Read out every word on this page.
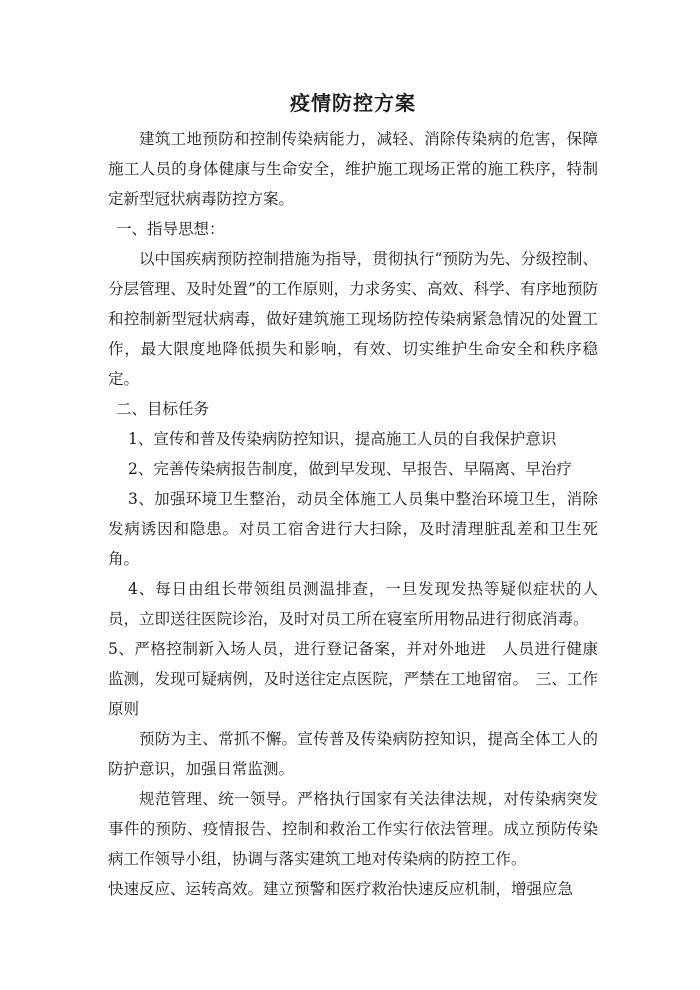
疫情防控方案

建筑工地预防和控制传染病能力，减轻、消除传染病的危害，保障施工人员的身体健康与生命安全，维护施工现场正常的施工秩序，特制定新型冠状病毒防控方案。

一、指导思想：

以中国疾病预防控制措施为指导，贯彻执行“预防为先、分级控制、分层管理、及时处置”的工作原则，力求务实、高效、科学、有序地预防和控制新型冠状病毒，做好建筑施工现场防控传染病紧急情况的处置工作，最大限度地降低损失和影响，有效、切实维护生命安全和秩序稳定。

二、目标任务

1、宣传和普及传染病防控知识，提高施工人员的自我保护意识

2、完善传染病报告制度，做到早发现、早报告、早隔离、早治疗

3、加强环境卫生整治，动员全体施工人员集中整治环境卫生，消除发病诱因和隐患。对员工宿舍进行大扫除，及时清理脏乱差和卫生死角。

4、每日由组长带领组员测温排查，一旦发现发热等疑似症状的人员，立即送往医院诊治，及时对员工所在寝室所用物品进行彻底消毒。

5、严格控制新入场人员，进行登记备案，并对外地进　人员进行健康监测，发现可疑病例，及时送往定点医院，严禁在工地留宿。　三、工作原则

预防为主、常抓不懈。宣传普及传染病防控知识，提高全体工人的防护意识，加强日常监测。

规范管理、统一领导。严格执行国家有关法律法规，对传染病突发事件的预防、疫情报告、控制和救治工作实行依法管理。成立预防传染病工作领导小组，协调与落实建筑工地对传染病的防控工作。

快速反应、运转高效。建立预警和医疗救治快速反应机制，增强应急
